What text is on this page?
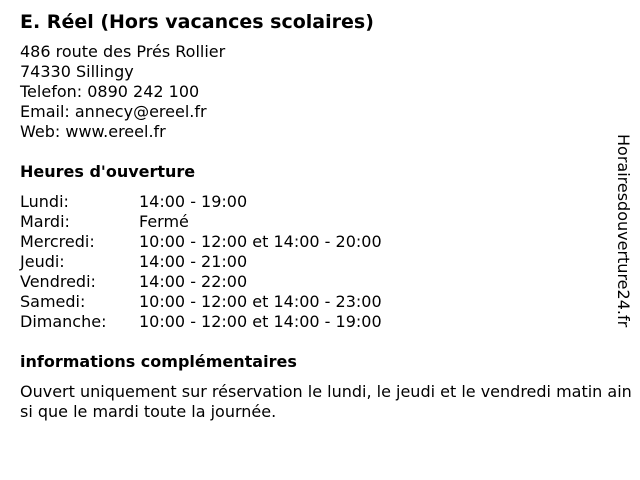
E. Réel (Hors vacances scolaires)
486 route des Prés Rollier
74330 Sillingy
Telefon: 0890 242 100
Email: annecy@ereel.fr
Web: www.ereel.fr
Heures d'ouverture
Lundi:	14:00 - 19:00
Mardi:	Fermé
Mercredi:	10:00 - 12:00 et 14:00 - 20:00
Jeudi:	14:00 - 21:00
Vendredi:	14:00 - 22:00
Samedi:	10:00 - 12:00 et 14:00 - 23:00
Dimanche:	10:00 - 12:00 et 14:00 - 19:00
informations complémentaires
Ouvert uniquement sur réservation le lundi, le jeudi et le vendredi matin ainsi que le mardi toute la journée.
Horairesdouverture24.fr
